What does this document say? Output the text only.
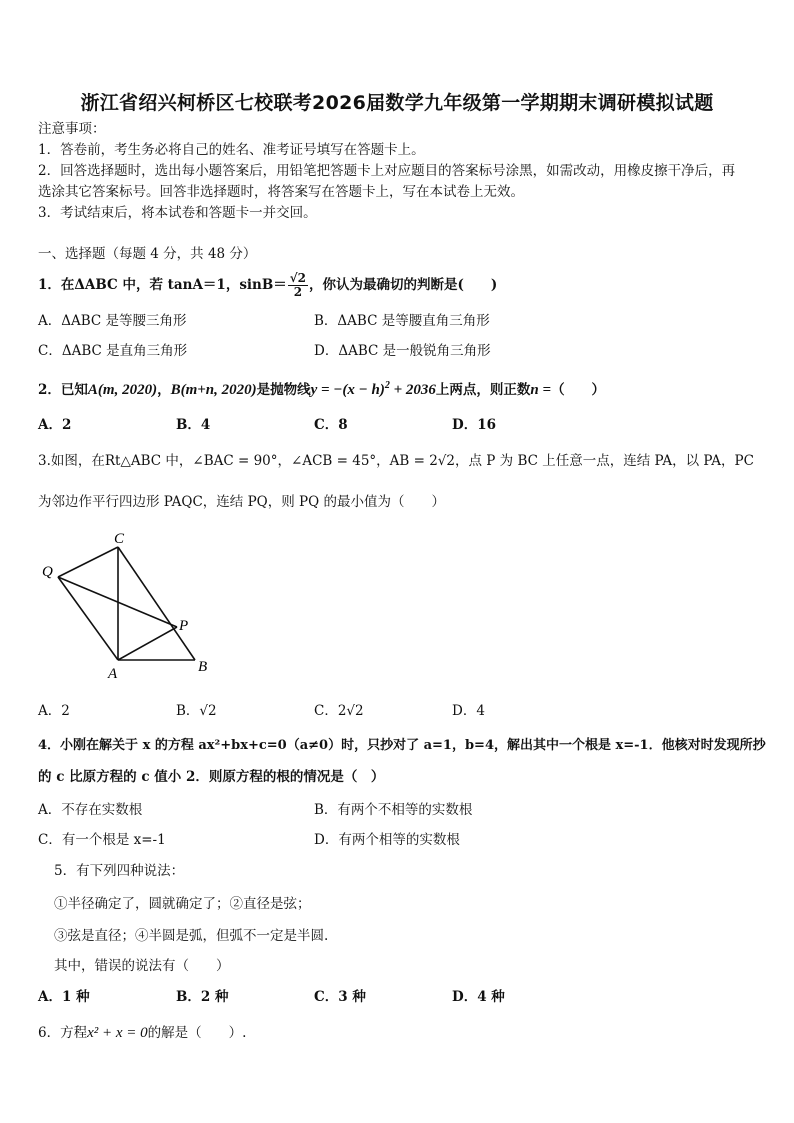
浙江省绍兴柯桥区七校联考2026届数学九年级第一学期期末调研模拟试题
注意事项：
1．答卷前，考生务必将自己的姓名、准考证号填写在答题卡上。
2．回答选择题时，选出每小题答案后，用铅笔把答题卡上对应题目的答案标号涂黑，如需改动，用橡皮擦干净后，再
选涂其它答案标号。回答非选择题时，将答案写在答题卡上，写在本试卷上无效。
3．考试结束后，将本试卷和答题卡一并交回。
一、选择题（每题 4 分，共 48 分）
1．在ΔABC 中，若 tanA＝1，$\sin B= \frac{√2}{2}$ ，你认为最确切的判断是(　　)
A．ΔABC 是等腰三角形	B．ΔABC 是等腰直角三角形
C．ΔABC 是直角三角形	D．ΔABC 是一般锐角三角形
2．已知A(m, 2020)，B(m+n, 2020)是抛物线$y = -(x - h)^2 + 2036$上两点，则正数n =（　　）
A．2	B．4	C．8	D．16
3.如图，在Rt△ABC 中，∠BAC = 90°，∠ACB = 45°，AB = 2√2，点 P 为 BC 上任意一点，连结 PA，以 PA，PC
为邻边作平行四边形 PAQC，连结 PQ，则 PQ 的最小值为（　　）
C
Q
P
A	B
A．2	B．√2	C．2√2	D．4
4．小刚在解关于 x 的方程 ax²+bx+c=0（a≠0）时，只抄对了 a=1，b=4，解出其中一个根是 x=-1．他核对时发现所抄
的 c 比原方程的 c 值小 2．则原方程的根的情况是（　）
A．不存在实数根	B．有两个不相等的实数根
C．有一个根是 x=-1	D．有两个相等的实数根
5．有下列四种说法：
①半径确定了，圆就确定了；②直径是弦；
③弦是直径；④半圆是弧，但弧不一定是半圆.
其中，错误的说法有（　　）
A．1 种	B．2 种	C．3 种	D．4 种
6．方程x² + x = 0的解是（　　）.
